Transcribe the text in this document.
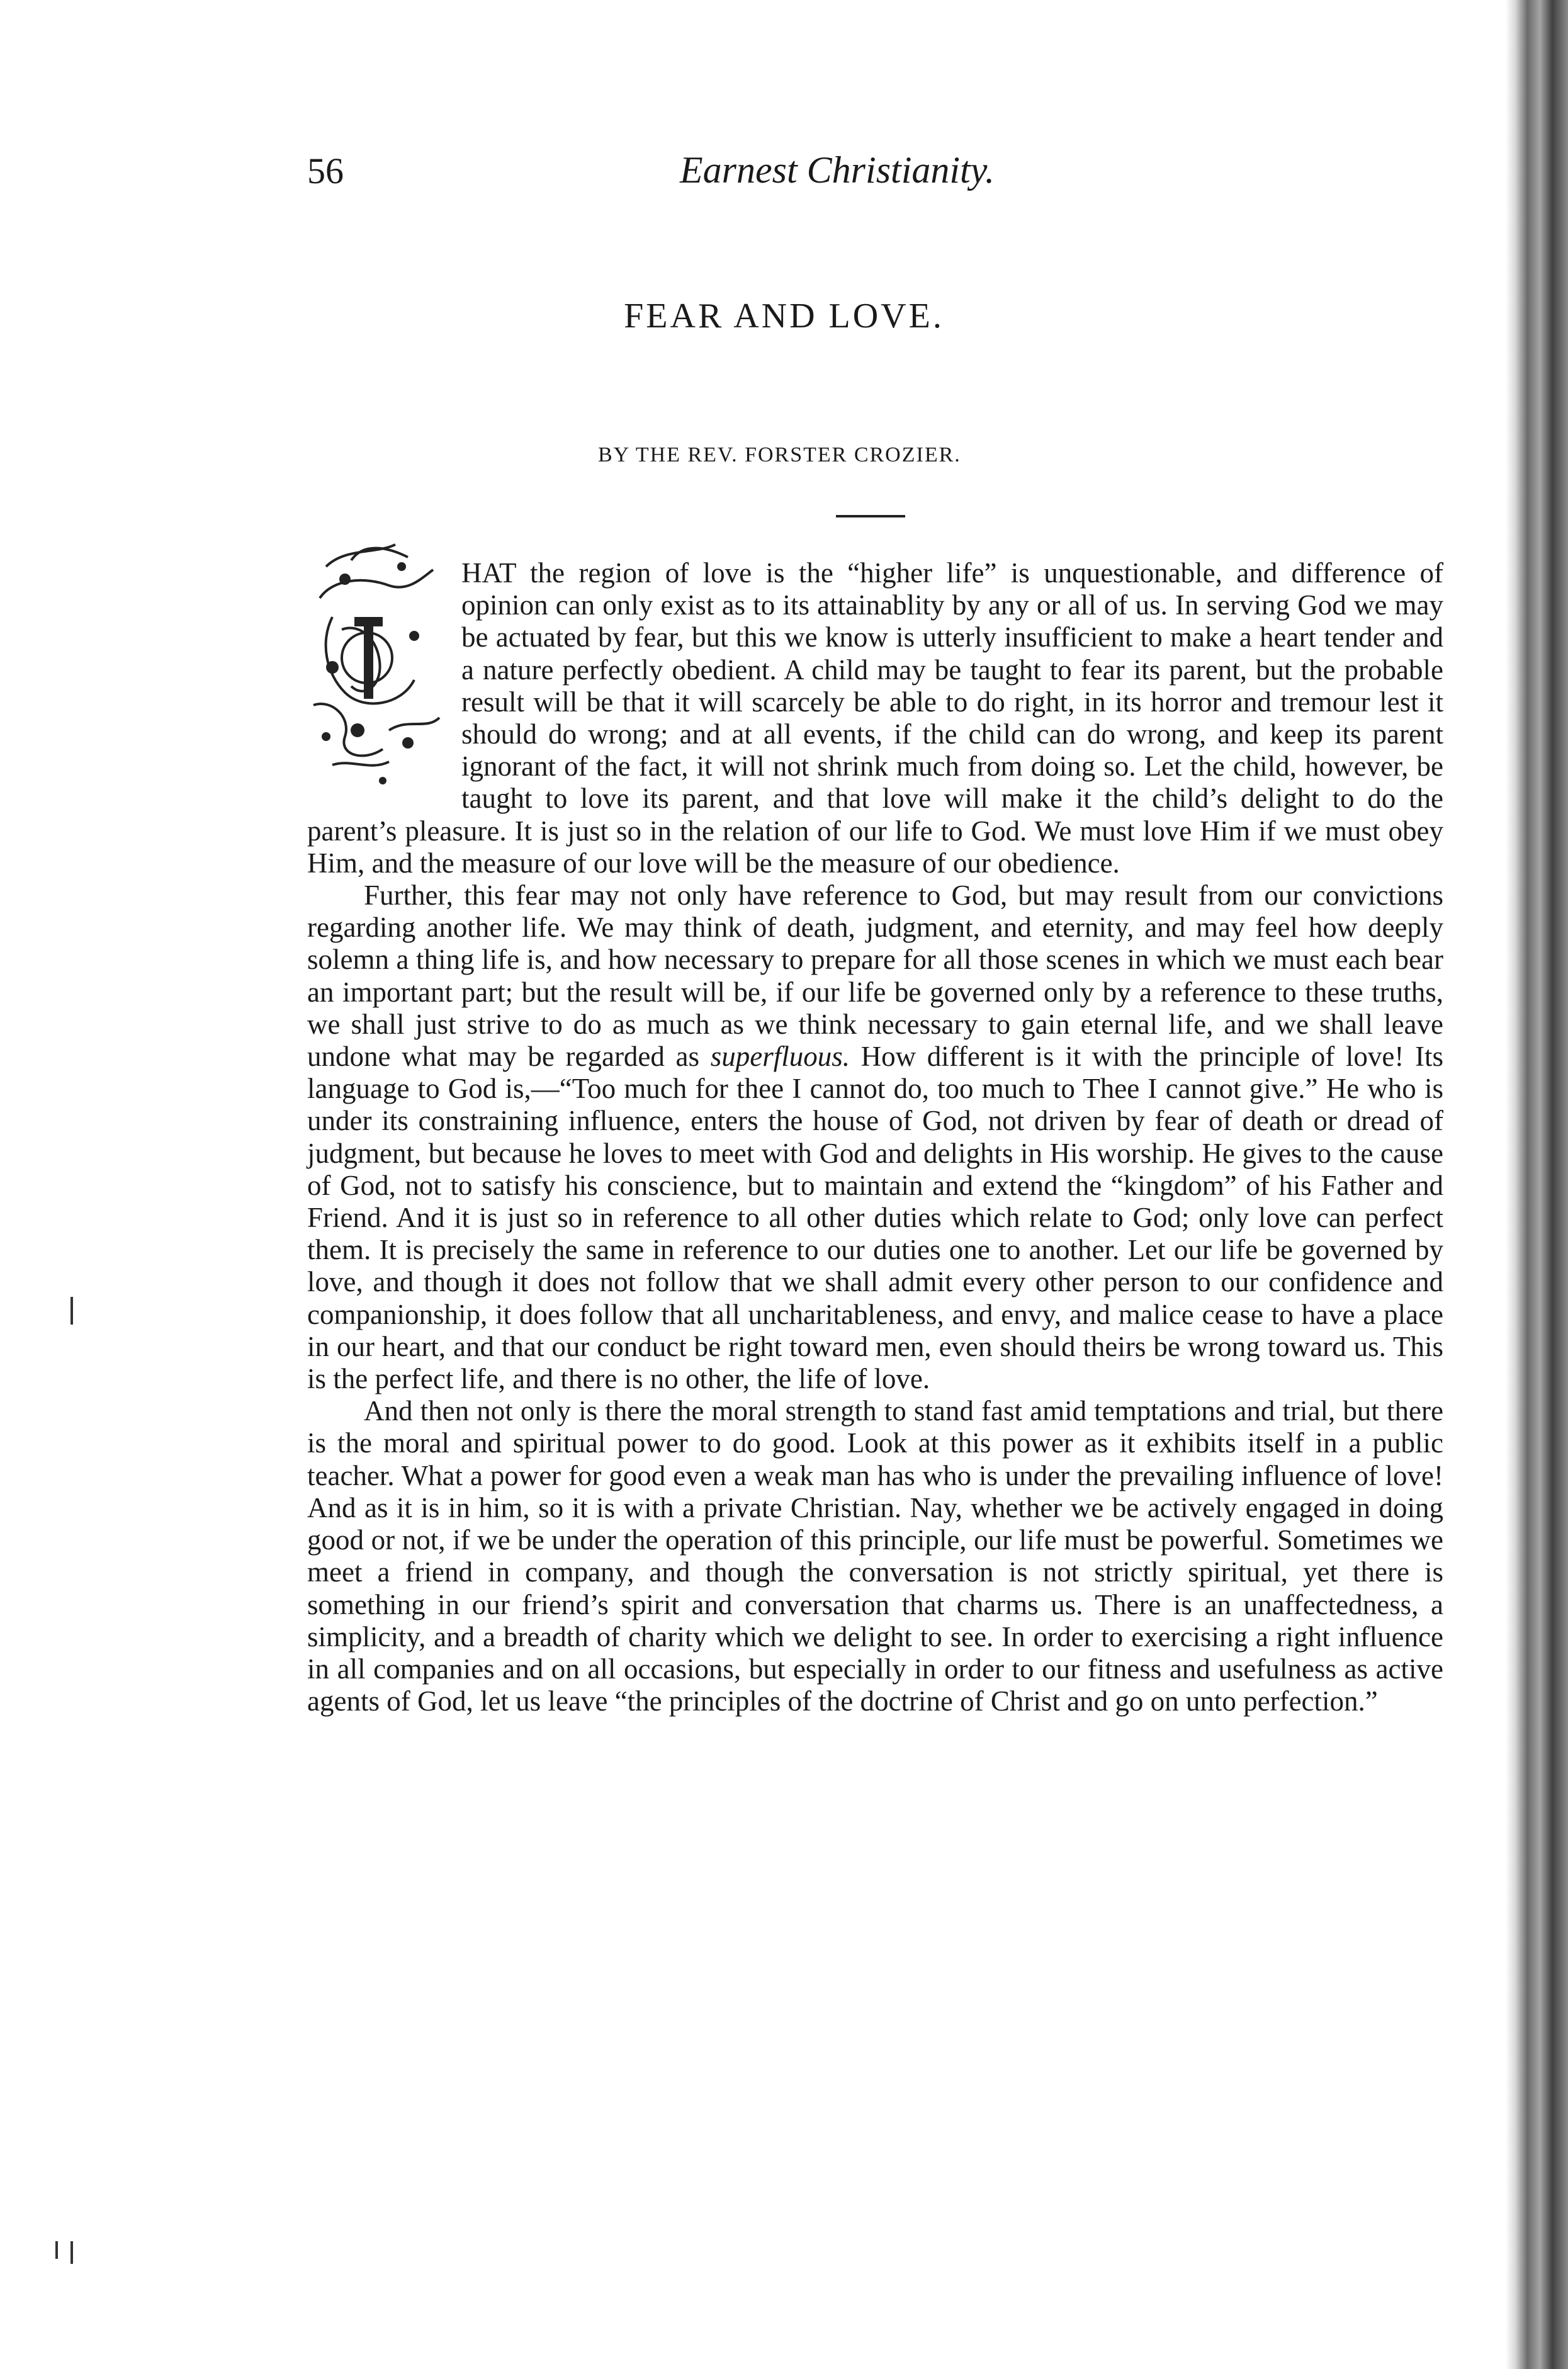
56	Earnest Christianity.
FEAR AND LOVE.
BY THE REV. FORSTER CROZIER.

HAT the region of love is the “higher life” is unquestionable, and difference of opinion can only exist as to its attainablity by any or all of us. In serving God we may be actuated by fear, but this we know is utterly insufficient to make a heart tender and a nature perfectly obedient. A child may be taught to fear its parent, but the probable result will be that it will scarcely be able to do right, in its horror and tremour lest it should do wrong; and at all events, if the child can do wrong, and keep its parent ignorant of the fact, it will not shrink much from doing so. Let the child, however, be taught to love its parent, and that love will make it the child’s delight to do the parent’s pleasure. It is just so in the relation of our life to God. We must love Him if we must obey Him, and the measure of our love will be the measure of our obedience.

Further, this fear may not only have reference to God, but may result from our convictions regarding another life. We may think of death, judgment, and eternity, and may feel how deeply solemn a thing life is, and how necessary to prepare for all those scenes in which we must each bear an important part; but the result will be, if our life be governed only by a reference to these truths, we shall just strive to do as much as we think necessary to gain eternal life, and we shall leave undone what may be regarded as superfluous. How different is it with the principle of love! Its language to God is,—“Too much for thee I cannot do, too much to Thee I cannot give.” He who is under its constraining influence, enters the house of God, not driven by fear of death or dread of judgment, but because he loves to meet with God and delights in His worship. He gives to the cause of God, not to satisfy his conscience, but to maintain and extend the “kingdom” of his Father and Friend. And it is just so in reference to all other duties which relate to God; only love can perfect them. It is precisely the same in reference to our duties one to another. Let our life be governed by love, and though it does not follow that we shall admit every other person to our confidence and companionship, it does follow that all uncharitableness, and envy, and malice cease to have a place in our heart, and that our conduct be right toward men, even should theirs be wrong toward us. This is the perfect life, and there is no other, the life of love.

And then not only is there the moral strength to stand fast amid temptations and trial, but there is the moral and spiritual power to do good. Look at this power as it exhibits itself in a public teacher. What a power for good even a weak man has who is under the prevailing influence of love! And as it is in him, so it is with a private Christian. Nay, whether we be actively engaged in doing good or not, if we be under the operation of this principle, our life must be powerful. Sometimes we meet a friend in company, and though the conversation is not strictly spiritual, yet there is something in our friend’s spirit and conversation that charms us. There is an unaffectedness, a simplicity, and a breadth of charity which we delight to see. In order to exercising a right influence in all companies and on all occasions, but especially in order to our fitness and usefulness as active agents of God, let us leave “the principles of the doctrine of Christ and go on unto perfection.”
